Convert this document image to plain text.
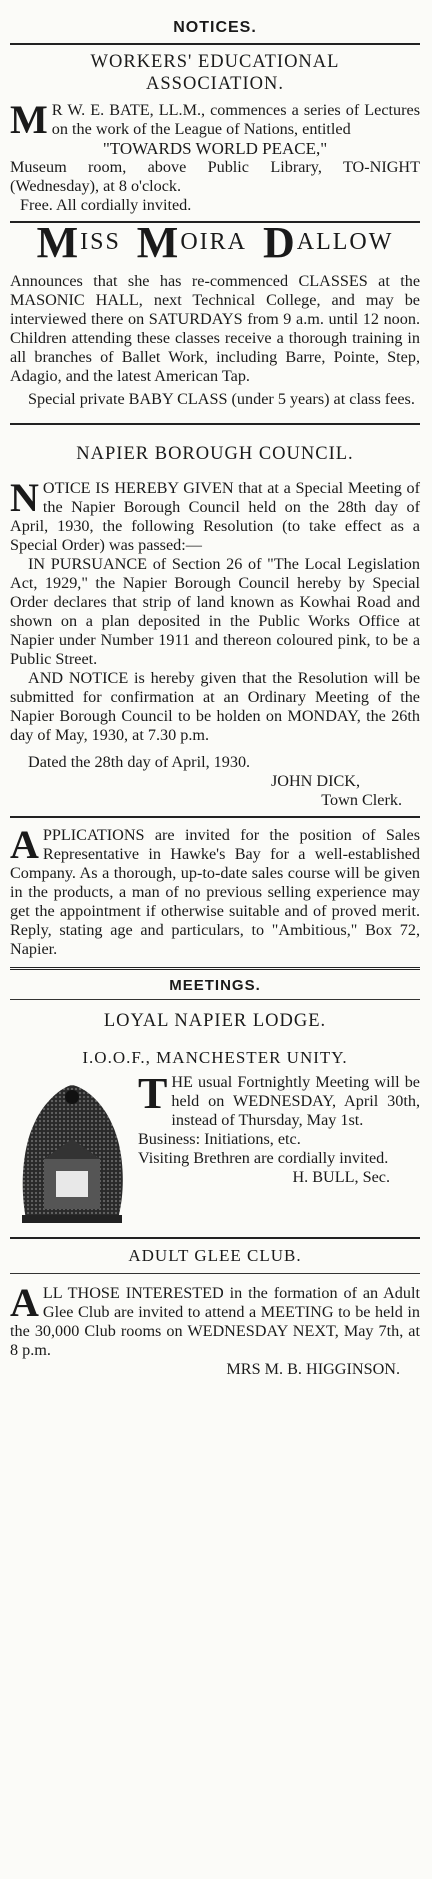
NOTICES.
WORKERS' EDUCATIONAL ASSOCIATION.
M R W. E. BATE, LL.M., commences a series of Lectures on the work of the League of Nations, entitled
"TOWARDS WORLD PEACE,"
Museum room, above Public Library, TO-NIGHT (Wednesday), at 8 o'clock.
Free. All cordially invited.
MISS MOIRA DALLOW
Announces that she has re-commenced CLASSES at the MASONIC HALL, next Technical College, and may be interviewed there on SATURDAYS from 9 a.m. until 12 noon. Children attending these classes receive a thorough training in all branches of Ballet Work, including Barre, Pointe, Step, Adagio, and the latest American Tap.
Special private BABY CLASS (under 5 years) at class fees.
NAPIER BOROUGH COUNCIL.
NOTICE IS HEREBY GIVEN that at a Special Meeting of the Napier Borough Council held on the 28th day of April, 1930, the following Resolution (to take effect as a Special Order) was passed:—
IN PURSUANCE of Section 26 of "The Local Legislation Act, 1929," the Napier Borough Council hereby by Special Order declares that strip of land known as Kowhai Road and shown on a plan deposited in the Public Works Office at Napier under Number 1911 and thereon coloured pink, to be a Public Street.
AND NOTICE is hereby given that the Resolution will be submitted for confirmation at an Ordinary Meeting of the Napier Borough Council to be holden on MONDAY, the 26th day of May, 1930, at 7.30 p.m.
Dated the 28th day of April, 1930.
JOHN DICK,
Town Clerk.
APPLICATIONS are invited for the position of Sales Representative in Hawke's Bay for a well-established Company. As a thorough, up-to-date sales course will be given in the products, a man of no previous selling experience may get the appointment if otherwise suitable and of proved merit. Reply, stating age and particulars, to "Ambitious," Box 72, Napier.
MEETINGS.
LOYAL NAPIER LODGE.
I.O.O.F., MANCHESTER UNITY.
THE usual Fortnightly Meeting will be held on WEDNESDAY, April 30th, instead of Thursday, May 1st.
Business: Initiations, etc.
Visiting Brethren are cordially invited.
H. BULL, Sec.
ADULT GLEE CLUB.
ALL THOSE INTERESTED in the formation of an Adult Glee Club are invited to attend a MEETING to be held in the 30,000 Club rooms on WEDNESDAY NEXT, May 7th, at 8 p.m.
MRS M. B. HIGGINSON.
